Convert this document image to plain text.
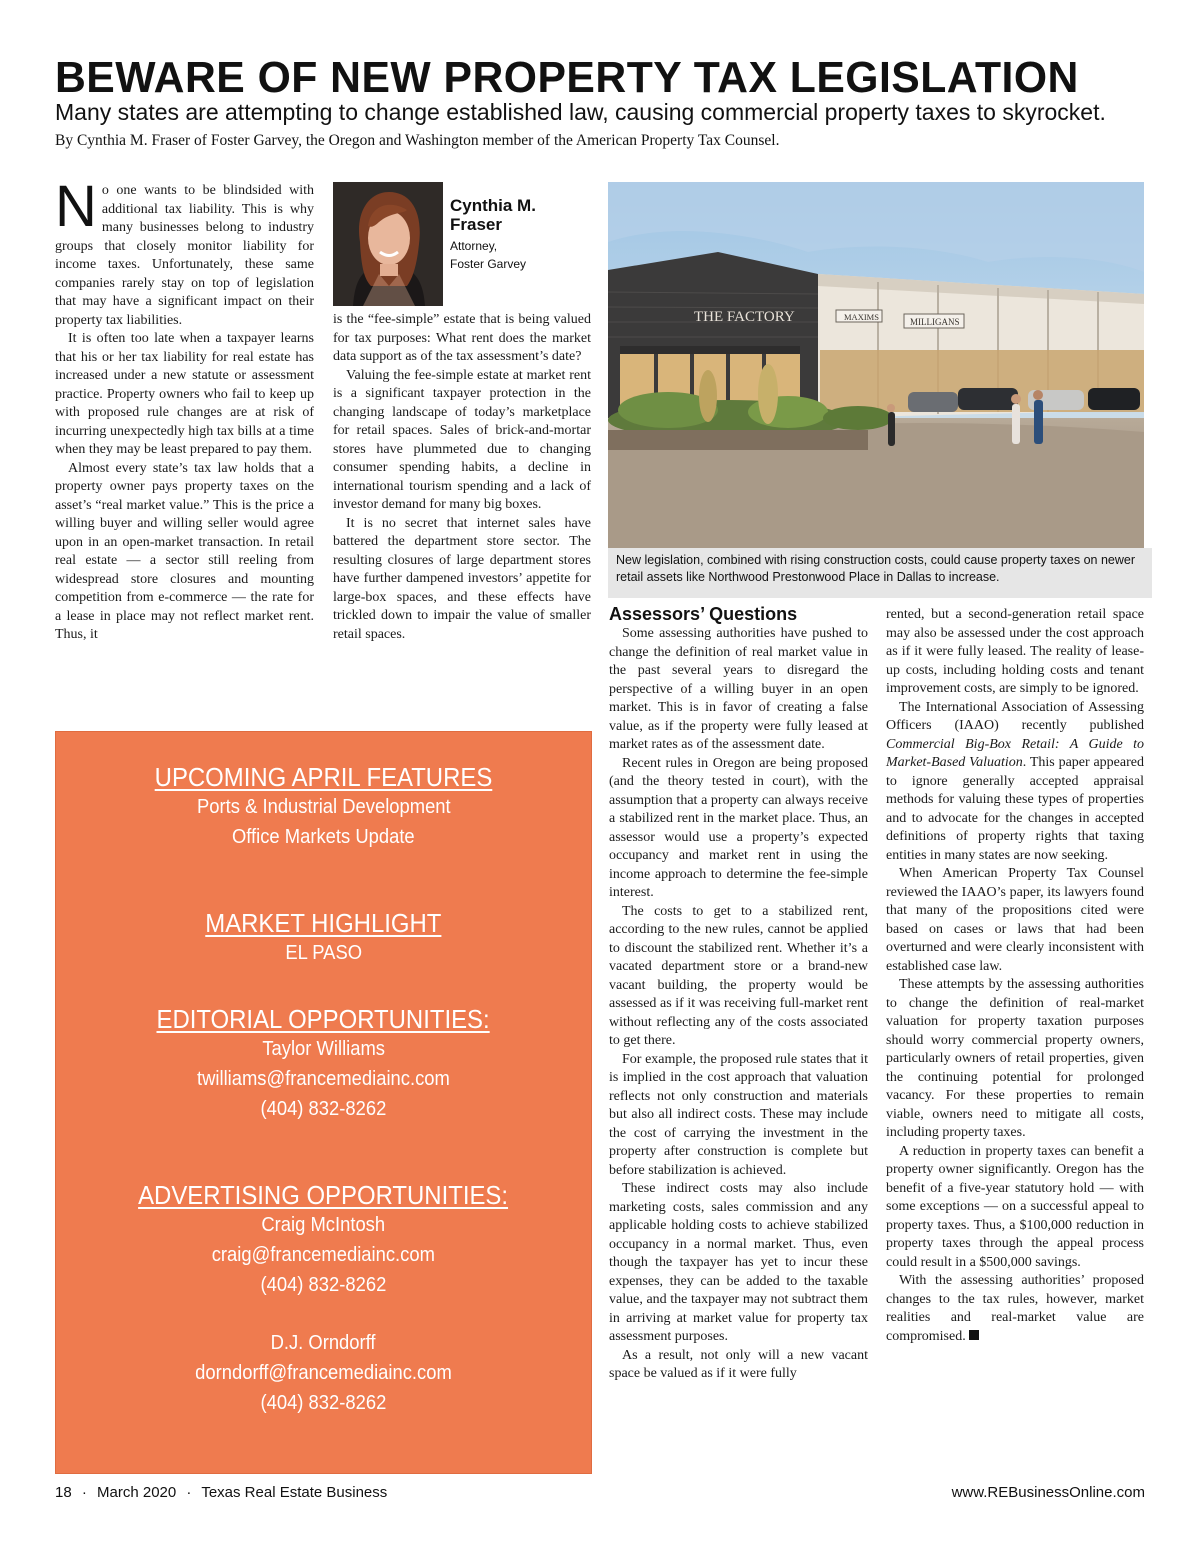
BEWARE OF NEW PROPERTY TAX LEGISLATION
Many states are attempting to change established law, causing commercial property taxes to skyrocket.
By Cynthia M. Fraser of Foster Garvey, the Oregon and Washington member of the American Property Tax Counsel.

No one wants to be blindsided with additional tax liability. This is why many businesses belong to industry groups that closely monitor liability for income taxes. Unfortunately, these same companies rarely stay on top of legislation that may have a significant impact on their property tax liabilities.

It is often too late when a taxpayer learns that his or her tax liability for real estate has increased under a new statute or assessment practice. Property owners who fail to keep up with proposed rule changes are at risk of incurring unexpectedly high tax bills at a time when they may be least prepared to pay them.

Almost every state’s tax law holds that a property owner pays property taxes on the asset’s “real market value.” This is the price a willing buyer and willing seller would agree upon in an open-market transaction. In retail real estate — a sector still reeling from widespread store closures and mounting competition from e-commerce — the rate for a lease in place may not reflect market rent. Thus, it

Cynthia M. Fraser
Attorney,
Foster Garvey

is the “fee-simple” estate that is being valued for tax purposes: What rent does the market data support as of the tax assessment’s date?

Valuing the fee-simple estate at market rent is a significant taxpayer protection in the changing landscape of today’s marketplace for retail spaces. Sales of brick-and-mortar stores have plummeted due to changing consumer spending habits, a decline in international tourism spending and a lack of investor demand for many big boxes.

It is no secret that internet sales have battered the department store sector. The resulting closures of large department stores have further dampened investors’ appetite for large-box spaces, and these effects have trickled down to impair the value of smaller retail spaces.

THE FACTORY	MAXIMS	MILLIGANS
New legislation, combined with rising construction costs, could cause property taxes on newer retail assets like Northwood Prestonwood Place in Dallas to increase.
Assessors’ Questions

Some assessing authorities have pushed to change the definition of real market value in the past several years to disregard the perspective of a willing buyer in an open market. This is in favor of creating a false value, as if the property were fully leased at market rates as of the assessment date.

Recent rules in Oregon are being proposed (and the theory tested in court), with the assumption that a property can always receive a stabilized rent in the market place. Thus, an assessor would use a property’s expected occupancy and market rent in using the income approach to determine the fee-simple interest.

The costs to get to a stabilized rent, according to the new rules, cannot be applied to discount the stabilized rent. Whether it’s a vacated department store or a brand-new vacant building, the property would be assessed as if it was receiving full-market rent without reflecting any of the costs associated to get there.

For example, the proposed rule states that it is implied in the cost approach that valuation reflects not only construction and materials but also all indirect costs. These may include the cost of carrying the investment in the property after construction is complete but before stabilization is achieved.

These indirect costs may also include marketing costs, sales commission and any applicable holding costs to achieve stabilized occupancy in a normal market. Thus, even though the taxpayer has yet to incur these expenses, they can be added to the taxable value, and the taxpayer may not subtract them in arriving at market value for property tax assessment purposes.

As a result, not only will a new vacant space be valued as if it were fully

rented, but a second-generation retail space may also be assessed under the cost approach as if it were fully leased. The reality of lease-up costs, including holding costs and tenant improvement costs, are simply to be ignored.

The International Association of Assessing Officers (IAAO) recently published Commercial Big-Box Retail: A Guide to Market-Based Valuation. This paper appeared to ignore generally accepted appraisal methods for valuing these types of properties and to advocate for the changes in accepted definitions of property rights that taxing entities in many states are now seeking.

When American Property Tax Counsel reviewed the IAAO’s paper, its lawyers found that many of the propositions cited were based on cases or laws that had been overturned and were clearly inconsistent with established case law.

These attempts by the assessing authorities to change the definition of real-market valuation for property taxation purposes should worry commercial property owners, particularly owners of retail properties, given the continuing potential for prolonged vacancy. For these properties to remain viable, owners need to mitigate all costs, including property taxes.

A reduction in property taxes can benefit a property owner significantly. Oregon has the benefit of a five-year statutory hold — with some exceptions — on a successful appeal to property taxes. Thus, a $100,000 reduction in property taxes through the appeal process could result in a $500,000 savings.

With the assessing authorities’ proposed changes to the tax rules, however, market realities and real-market value are compromised.

UPCOMING APRIL FEATURES
Ports & Industrial Development
Office Markets Update
MARKET HIGHLIGHT
EL PASO
EDITORIAL OPPORTUNITIES:
Taylor Williams
twilliams@francemediainc.com
(404) 832-8262
ADVERTISING OPPORTUNITIES:
Craig McIntosh
craig@francemediainc.com
(404) 832-8262
D.J. Orndorff
dorndorff@francemediainc.com
(404) 832-8262
18 · March 2020 · Texas Real Estate Business	www.REBusinessOnline.com
